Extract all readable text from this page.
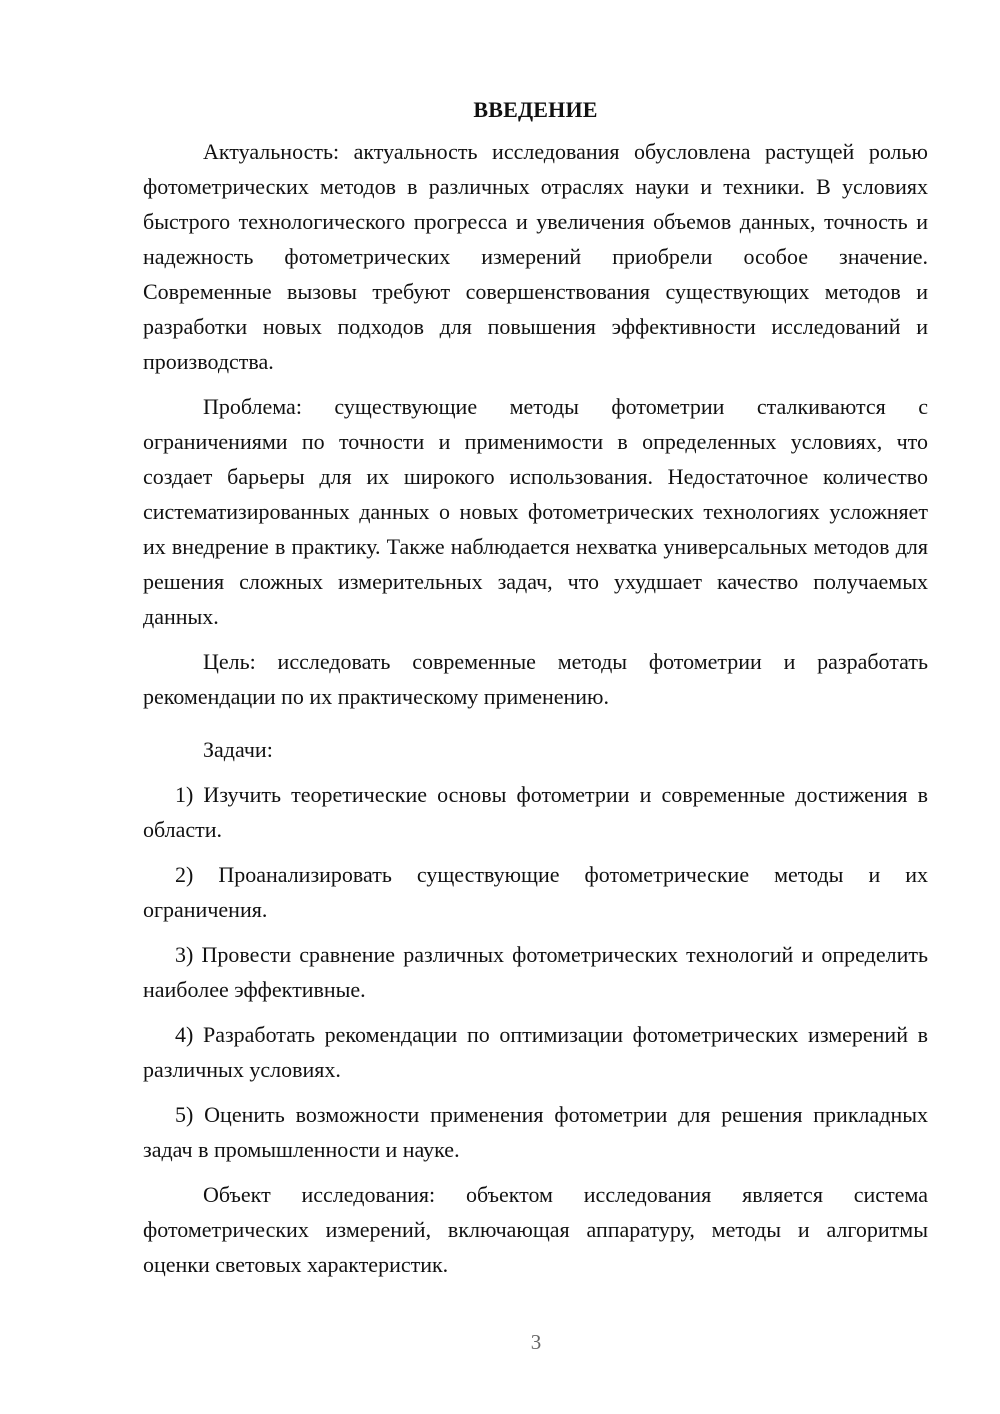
ВВЕДЕНИЕ

Актуальность: актуальность исследования обусловлена растущей ролью фотометрических методов в различных отраслях науки и техники. В условиях быстрого технологического прогресса и увеличения объемов данных, точность и надежность фотометрических измерений приобрели особое значение. Современные вызовы требуют совершенствования существующих методов и разработки новых подходов для повышения эффективности исследований и производства.

Проблема: существующие методы фотометрии сталкиваются с ограничениями по точности и применимости в определенных условиях, что создает барьеры для их широкого использования. Недостаточное количество систематизированных данных о новых фотометрических технологиях усложняет их внедрение в практику. Также наблюдается нехватка универсальных методов для решения сложных измерительных задач, что ухудшает качество получаемых данных.

Цель: исследовать современные методы фотометрии и разработать рекомендации по их практическому применению.

Задачи:

1) Изучить теоретические основы фотометрии и современные достижения в области.

2) Проанализировать существующие фотометрические методы и их ограничения.

3) Провести сравнение различных фотометрических технологий и определить наиболее эффективные.

4) Разработать рекомендации по оптимизации фотометрических измерений в различных условиях.

5) Оценить возможности применения фотометрии для решения прикладных задач в промышленности и науке.

Объект исследования: объектом исследования является система фотометрических измерений, включающая аппаратуру, методы и алгоритмы оценки световых характеристик.

3
